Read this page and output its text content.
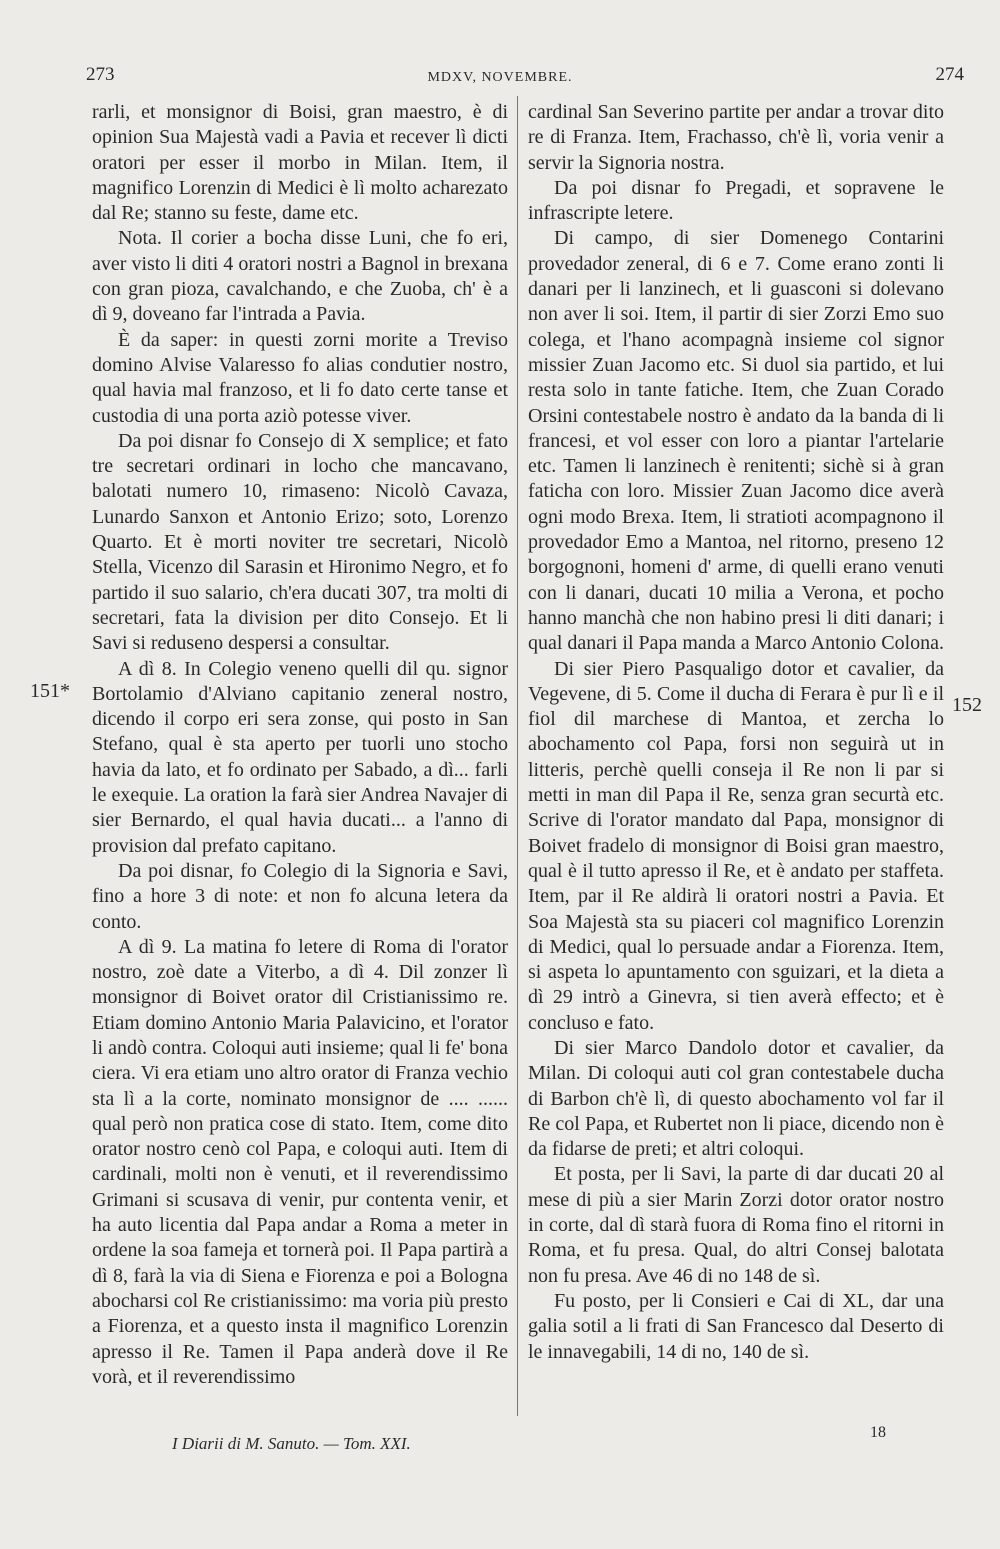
273	MDXV, NOVEMBRE.	274

rarli, et monsignor di Boisi, gran maestro, è di opinion Sua Majestà vadi a Pavia et recever lì dicti oratori per esser il morbo in Milan. Item, il magnifico Lorenzin di Medici è lì molto acharezato dal Re; stanno su feste, dame etc.

Nota. Il corier a bocha disse Luni, che fo eri, aver visto li diti 4 oratori nostri a Bagnol in brexana con gran pioza, cavalchando, e che Zuoba, ch' è a dì 9, doveano far l'intrada a Pavia.

È da saper: in questi zorni morite a Treviso domino Alvise Valaresso fo alias condutier nostro, qual havia mal franzoso, et li fo dato certe tanse et custodia di una porta aziò potesse viver.

Da poi disnar fo Consejo di X semplice; et fato tre secretari ordinari in locho che mancavano, balotati numero 10, rimaseno: Nicolò Cavaza, Lunardo Sanxon et Antonio Erizo; soto, Lorenzo Quarto. Et è morti noviter tre secretari, Nicolò Stella, Vicenzo dil Sarasin et Hironimo Negro, et fo partido il suo salario, ch'era ducati 307, tra molti di secretari, fata la division per dito Consejo. Et li Savi si reduseno despersi a consultar.

A dì 8. In Colegio veneno quelli dil qu. signor Bortolamio d'Alviano capitanio zeneral nostro, dicendo il corpo eri sera zonse, qui posto in San Stefano, qual è sta aperto per tuorli uno stocho havia da lato, et fo ordinato per Sabado, a dì... farli le exequie. La oration la farà sier Andrea Navajer di sier Bernardo, el qual havia ducati... a l'anno di provision dal prefato capitano.

Da poi disnar, fo Colegio di la Signoria e Savi, fino a hore 3 di note: et non fo alcuna letera da conto.

A dì 9. La matina fo letere di Roma di l'orator nostro, zoè date a Viterbo, a dì 4. Dil zonzer lì monsignor di Boivet orator dil Cristianissimo re. Etiam domino Antonio Maria Palavicino, et l'orator li andò contra. Coloqui auti insieme; qual li fe' bona ciera. Vi era etiam uno altro orator di Franza vechio sta lì a la corte, nominato monsignor de .... ...... qual però non pratica cose di stato. Item, come dito orator nostro cenò col Papa, e coloqui auti. Item di cardinali, molti non è venuti, et il reverendissimo Grimani si scusava di venir, pur contenta venir, et ha auto licentia dal Papa andar a Roma a meter in ordene la soa fameja et tornerà poi. Il Papa partirà a dì 8, farà la via di Siena e Fiorenza e poi a Bologna abocharsi col Re cristianissimo: ma voria più presto a Fiorenza, et a questo insta il magnifico Lorenzin apresso il Re. Tamen il Papa anderà dove il Re vorà, et il reverendissimo

cardinal San Severino partite per andar a trovar dito re di Franza. Item, Frachasso, ch'è lì, voria venir a servir la Signoria nostra.

Da poi disnar fo Pregadi, et sopravene le infrascripte letere.

Di campo, di sier Domenego Contarini provedador zeneral, di 6 e 7. Come erano zonti li danari per li lanzinech, et li guasconi si dolevano non aver li soi. Item, il partir di sier Zorzi Emo suo colega, et l'hano acompagnà insieme col signor missier Zuan Jacomo etc. Si duol sia partido, et lui resta solo in tante fatiche. Item, che Zuan Corado Orsini contestabele nostro è andato da la banda di li francesi, et vol esser con loro a piantar l'artelarie etc. Tamen li lanzinech è renitenti; sichè si à gran faticha con loro. Missier Zuan Jacomo dice averà ogni modo Brexa. Item, li stratioti acompagnono il provedador Emo a Mantoa, nel ritorno, preseno 12 borgognoni, homeni d' arme, di quelli erano venuti con li danari, ducati 10 milia a Verona, et pocho hanno manchà che non habino presi li diti danari; i qual danari il Papa manda a Marco Antonio Colona.

Di sier Piero Pasqualigo dotor et cavalier, da Vegevene, di 5. Come il ducha di Ferara è pur lì e il fiol dil marchese di Mantoa, et zercha lo abochamento col Papa, forsi non seguirà ut in litteris, perchè quelli conseja il Re non li par si metti in man dil Papa il Re, senza gran securtà etc. Scrive di l'orator mandato dal Papa, monsignor di Boivet fradelo di monsignor di Boisi gran maestro, qual è il tutto apresso il Re, et è andato per staffeta. Item, par il Re aldirà li oratori nostri a Pavia. Et Soa Majestà sta su piaceri col magnifico Lorenzin di Medici, qual lo persuade andar a Fiorenza. Item, si aspeta lo apuntamento con sguizari, et la dieta a dì 29 intrò a Ginevra, si tien averà effecto; et è concluso e fato.

Di sier Marco Dandolo dotor et cavalier, da Milan. Di coloqui auti col gran contestabele ducha di Barbon ch'è lì, di questo abochamento vol far il Re col Papa, et Rubertet non li piace, dicendo non è da fidarse de preti; et altri coloqui.

Et posta, per li Savi, la parte di dar ducati 20 al mese di più a sier Marin Zorzi dotor orator nostro in corte, dal dì starà fuora di Roma fino el ritorni in Roma, et fu presa. Qual, do altri Consej balotata non fu presa. Ave 46 di no 148 de sì.

Fu posto, per li Consieri e Cai di XL, dar una galia sotil a li frati di San Francesco dal Deserto di le innavegabili, 14 di no, 140 de sì.

151*
152
I Diarii di M. Sanuto. — Tom. XXI.
18
